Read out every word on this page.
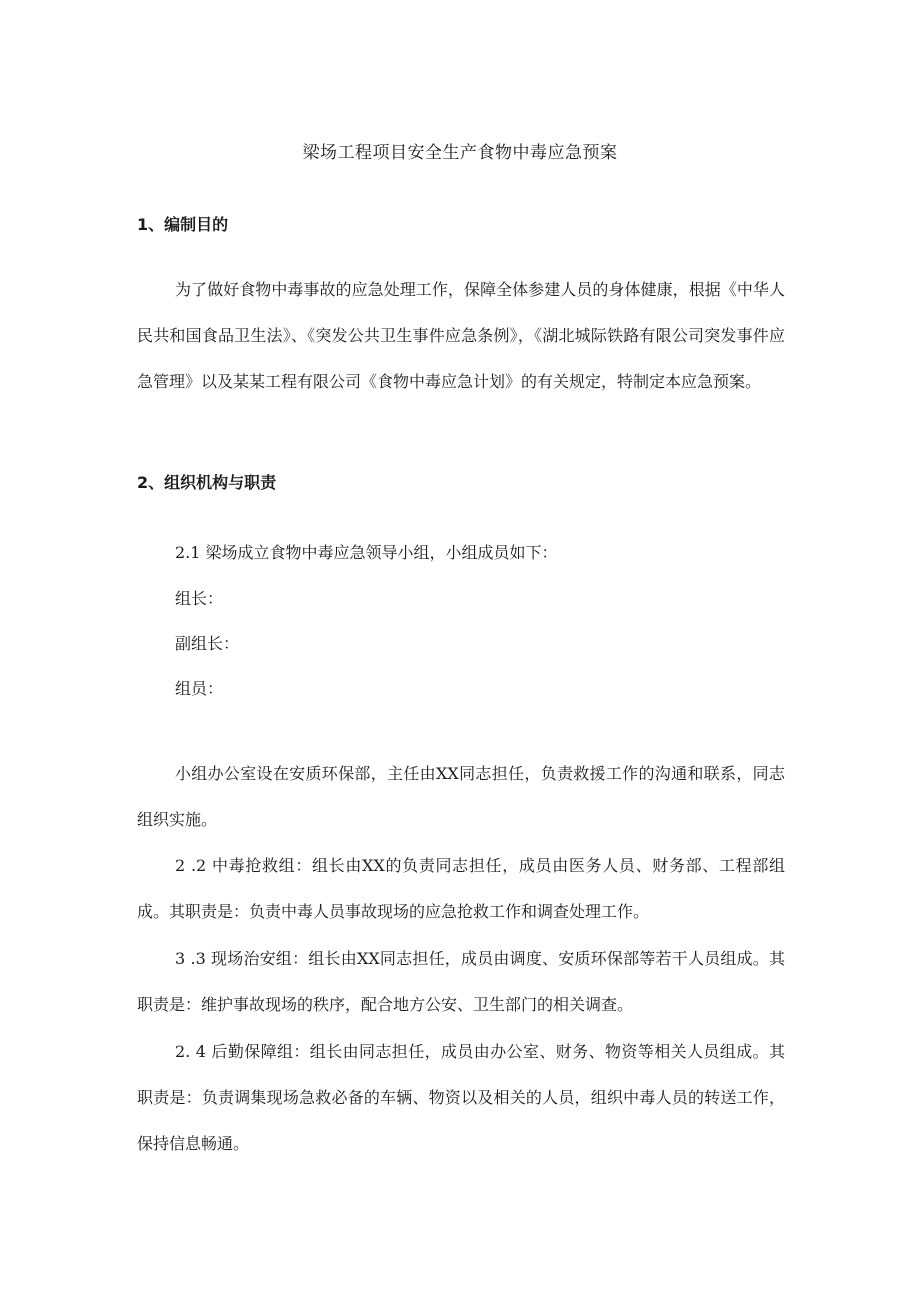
梁场工程项目安全生产食物中毒应急预案
1、编制目的

为了做好食物中毒事故的应急处理工作，保障全体参建人员的身体健康，根据《中华人民共和国食品卫生法》、《突发公共卫生事件应急条例》，《湖北城际铁路有限公司突发事件应急管理》以及某某工程有限公司《食物中毒应急计划》的有关规定，特制定本应急预案。

2、组织机构与职责
2.1 梁场成立食物中毒应急领导小组，小组成员如下：
组长：
副组长：
组员：

小组办公室设在安质环保部，主任由XX同志担任，负责救援工作的沟通和联系，同志组织实施。

2 .2 中毒抢救组：组长由XX的负责同志担任，成员由医务人员、财务部、工程部组成。其职责是：负责中毒人员事故现场的应急抢救工作和调查处理工作。

3 .3 现场治安组：组长由XX同志担任，成员由调度、安质环保部等若干人员组成。其职责是：维护事故现场的秩序，配合地方公安、卫生部门的相关调查。

2. 4 后勤保障组：组长由同志担任，成员由办公室、财务、物资等相关人员组成。其职责是：负责调集现场急救必备的车辆、物资以及相关的人员，组织中毒人员的转送工作，保持信息畅通。
